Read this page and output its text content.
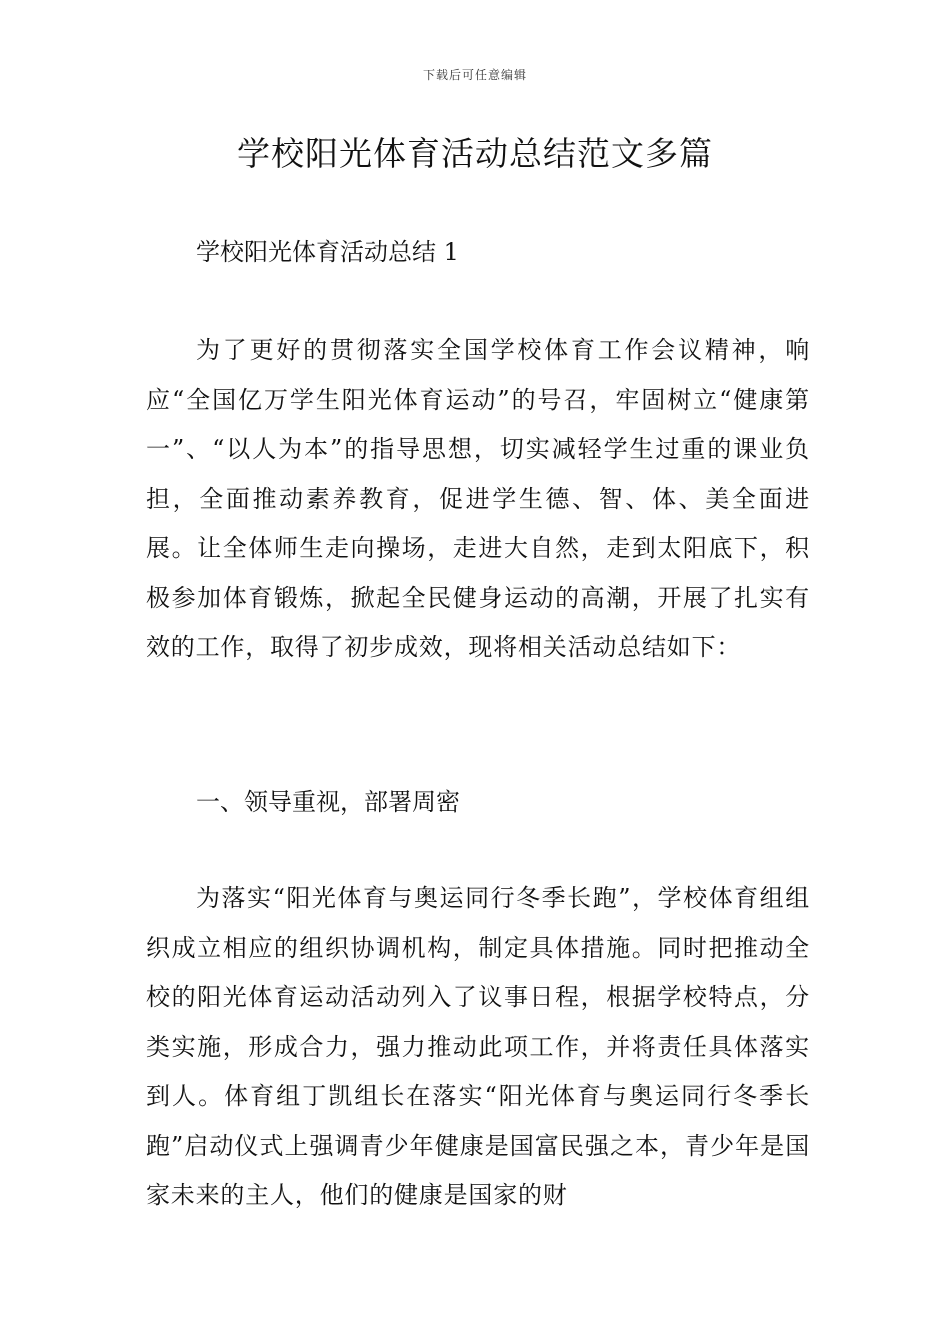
下载后可任意编辑
学校阳光体育活动总结范文多篇

学校阳光体育活动总结 1

为了更好的贯彻落实全国学校体育工作会议精神，响应“全国亿万学生阳光体育运动”的号召，牢固树立“健康第一”、“以人为本”的指导思想，切实减轻学生过重的课业负担，全面推动素养教育，促进学生德、智、体、美全面进展。让全体师生走向操场，走进大自然，走到太阳底下，积极参加体育锻炼，掀起全民健身运动的高潮，开展了扎实有效的工作，取得了初步成效，现将相关活动总结如下：

一、领导重视，部署周密

为落实“阳光体育与奥运同行冬季长跑”，学校体育组组织成立相应的组织协调机构，制定具体措施。同时把推动全校的阳光体育运动活动列入了议事日程，根据学校特点，分类实施，形成合力，强力推动此项工作，并将责任具体落实到人。体育组丁凯组长在落实“阳光体育与奥运同行冬季长跑”启动仪式上强调青少年健康是国富民强之本，青少年是国家未来的主人，他们的健康是国家的财
